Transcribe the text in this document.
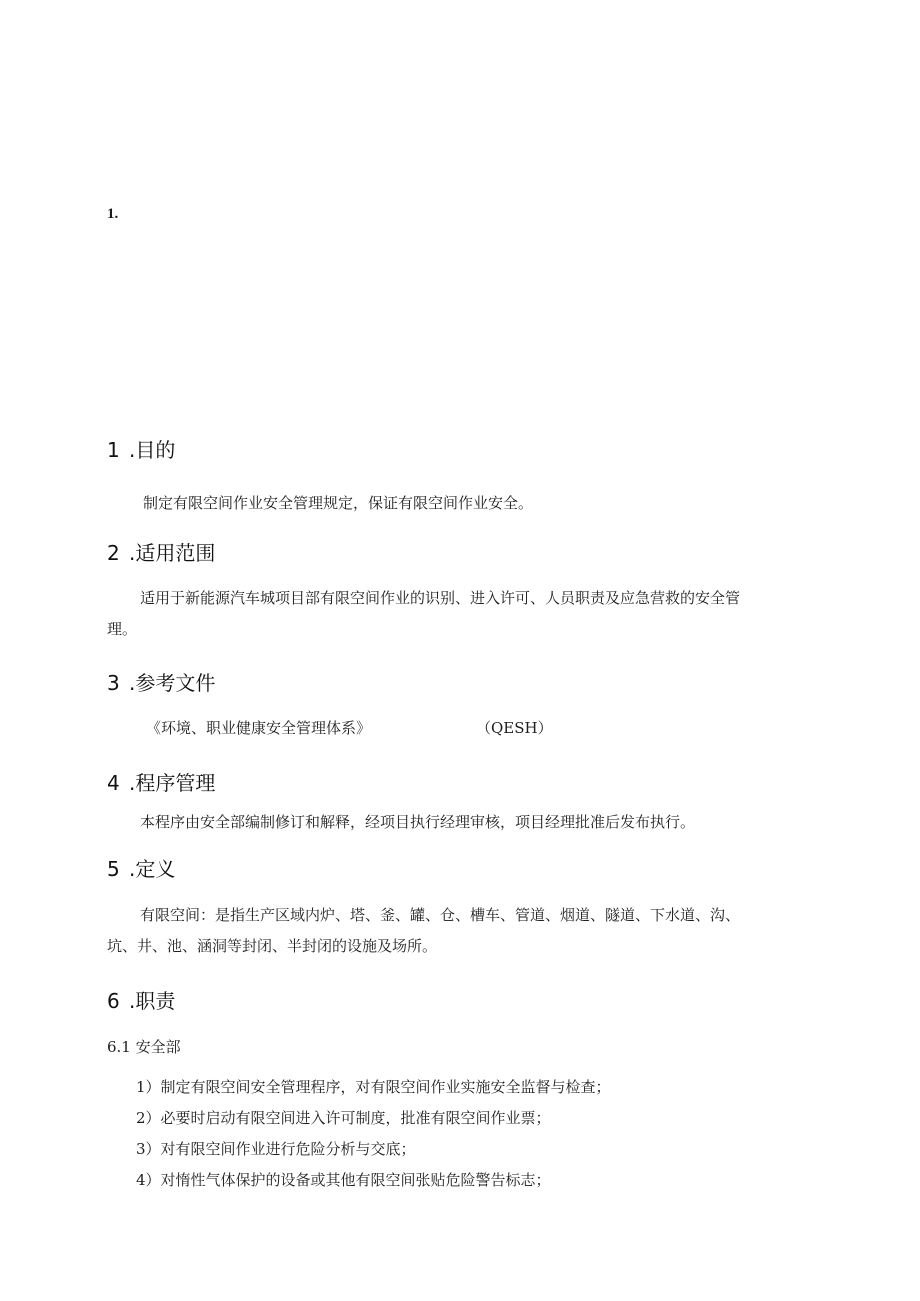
1.
1 .目的
制定有限空间作业安全管理规定，保证有限空间作业安全。
2 .适用范围
适用于新能源汽车城项目部有限空间作业的识别、进入许可、人员职责及应急营救的安全管
理。
3 .参考文件
《环境、职业健康安全管理体系》	（QESH）
4 .程序管理
本程序由安全部编制修订和解释，经项目执行经理审核，项目经理批准后发布执行。
5 .定义
有限空间：是指生产区域内炉、塔、釜、罐、仓、槽车、管道、烟道、隧道、下水道、沟、
坑、井、池、涵洞等封闭、半封闭的设施及场所。
6 .职责
6.1 安全部
1）制定有限空间安全管理程序，对有限空间作业实施安全监督与检查；
2）必要时启动有限空间进入许可制度，批准有限空间作业票；
3）对有限空间作业进行危险分析与交底；
4）对惰性气体保护的设备或其他有限空间张贴危险警告标志；
